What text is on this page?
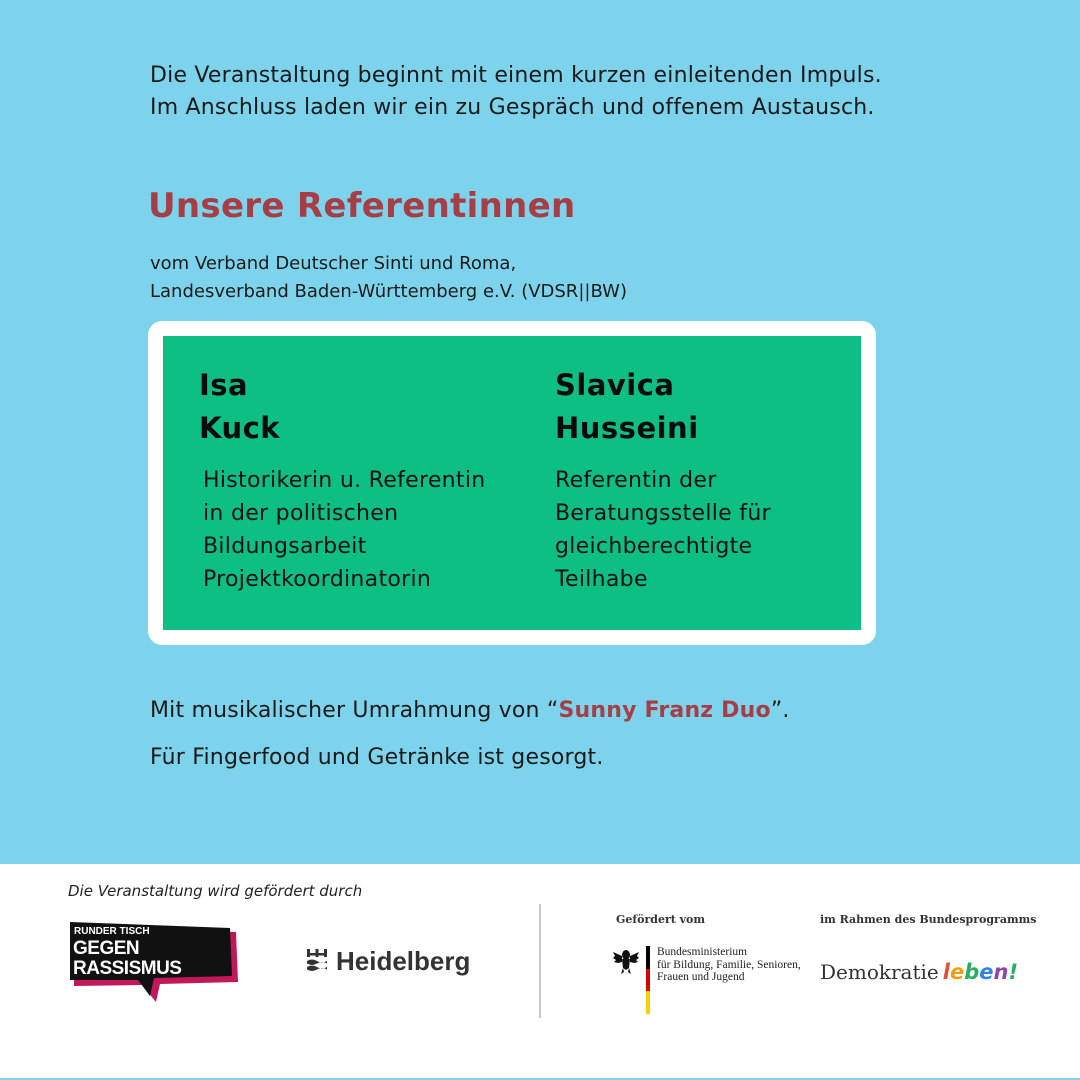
Die Veranstaltung beginnt mit einem kurzen einleitenden Impuls.
Im Anschluss laden wir ein zu Gespräch und offenem Austausch.
Unsere Referentinnen
vom Verband Deutscher Sinti und Roma,
Landesverband Baden-Württemberg e.V. (VDSR||BW)
Isa
Kuck
Historikerin u. Referentin
in der politischen
Bildungsarbeit
Projektkoordinatorin
Slavica
Husseini
Referentin der
Beratungsstelle für
gleichberechtigte
Teilhabe
Mit musikalischer Umrahmung von “Sunny Franz Duo”.
Für Fingerfood und Getränke ist gesorgt.
Die Veranstaltung wird gefördert durch
RUNDER TISCH
GEGEN
RASSISMUS	Heidelberg
Gefördert vom	im Rahmen des Bundesprogramms
Bundesministerium
für Bildung, Familie, Senioren,
Frauen und Jugend	Demokratie leben!
